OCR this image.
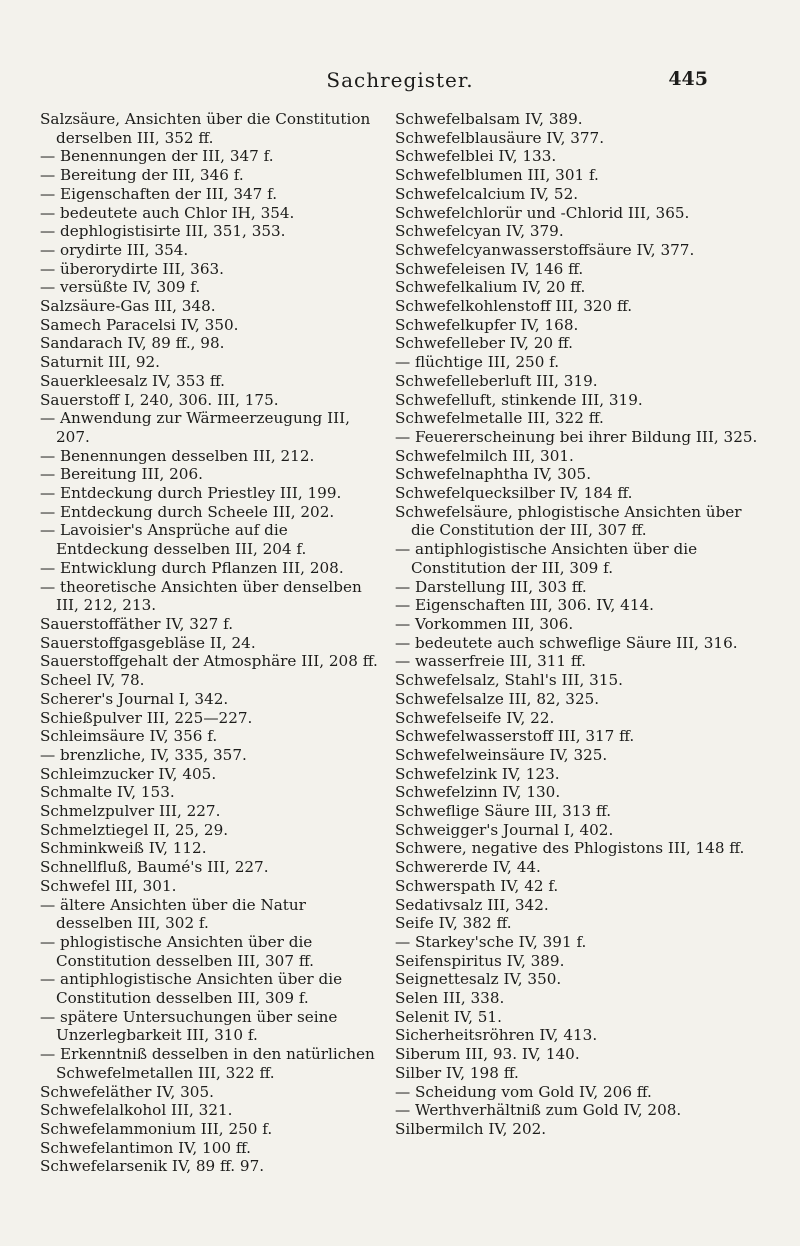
Sachregister.	445
Salzsäure, Ansichten über die Constitution derselben III, 352 ff.
— Benennungen der III, 347 f.
— Bereitung der III, 346 f.
— Eigenschaften der III, 347 f.
— bedeutete auch Chlor IH, 354.
— dephlogistisirte III, 351, 353.
— orydirte III, 354.
— überorydirte III, 363.
— versüßte IV, 309 f.
Salzsäure-Gas III, 348.
Samech Paracelsi IV, 350.
Sandarach IV, 89 ff., 98.
Saturnit III, 92.
Sauerkleesalz IV, 353 ff.
Sauerstoff I, 240, 306. III, 175.
— Anwendung zur Wärmeerzeugung III, 207.
— Benennungen desselben III, 212.
— Bereitung III, 206.
— Entdeckung durch Priestley III, 199.
— Entdeckung durch Scheele III, 202.
— Lavoisier's Ansprüche auf die Entdeckung desselben III, 204 f.
— Entwicklung durch Pflanzen III, 208.
— theoretische Ansichten über denselben III, 212, 213.
Sauerstoffäther IV, 327 f.
Sauerstoffgasgebläse II, 24.
Sauerstoffgehalt der Atmosphäre III, 208 ff.
Scheel IV, 78.
Scherer's Journal I, 342.
Schießpulver III, 225—227.
Schleimsäure IV, 356 f.
— brenzliche, IV, 335, 357.
Schleimzucker IV, 405.
Schmalte IV, 153.
Schmelzpulver III, 227.
Schmelztiegel II, 25, 29.
Schminkweiß IV, 112.
Schnellfluß, Baumé's III, 227.
Schwefel III, 301.
— ältere Ansichten über die Natur desselben III, 302 f.
— phlogistische Ansichten über die Constitution desselben III, 307 ff.
— antiphlogistische Ansichten über die Constitution desselben III, 309 f.
— spätere Untersuchungen über seine Unzerlegbarkeit III, 310 f.
— Erkenntniß desselben in den natürlichen Schwefelmetallen III, 322 ff.
Schwefeläther IV, 305.
Schwefelalkohol III, 321.
Schwefelammonium III, 250 f.
Schwefelantimon IV, 100 ff.
Schwefelarsenik IV, 89 ff. 97.
Schwefelbalsam IV, 389.
Schwefelblausäure IV, 377.
Schwefelblei IV, 133.
Schwefelblumen III, 301 f.
Schwefelcalcium IV, 52.
Schwefelchlorür und -Chlorid III, 365.
Schwefelcyan IV, 379.
Schwefelcyanwasserstoffsäure IV, 377.
Schwefeleisen IV, 146 ff.
Schwefelkalium IV, 20 ff.
Schwefelkohlenstoff III, 320 ff.
Schwefelkupfer IV, 168.
Schwefelleber IV, 20 ff.
— flüchtige III, 250 f.
Schwefelleberluft III, 319.
Schwefelluft, stinkende III, 319.
Schwefelmetalle III, 322 ff.
— Feuererscheinung bei ihrer Bildung III, 325.
Schwefelmilch III, 301.
Schwefelnaphtha IV, 305.
Schwefelquecksilber IV, 184 ff.
Schwefelsäure, phlogistische Ansichten über die Constitution der III, 307 ff.
— antiphlogistische Ansichten über die Constitution der III, 309 f.
— Darstellung III, 303 ff.
— Eigenschaften III, 306. IV, 414.
— Vorkommen III, 306.
— bedeutete auch schweflige Säure III, 316.
— wasserfreie III, 311 ff.
Schwefelsalz, Stahl's III, 315.
Schwefelsalze III, 82, 325.
Schwefelseife IV, 22.
Schwefelwasserstoff III, 317 ff.
Schwefelweinsäure IV, 325.
Schwefelzink IV, 123.
Schwefelzinn IV, 130.
Schweflige Säure III, 313 ff.
Schweigger's Journal I, 402.
Schwere, negative des Phlogistons III, 148 ff.
Schwererde IV, 44.
Schwerspath IV, 42 f.
Sedativsalz III, 342.
Seife IV, 382 ff.
— Starkey'sche IV, 391 f.
Seifenspiritus IV, 389.
Seignettesalz IV, 350.
Selen III, 338.
Selenit IV, 51.
Sicherheitsröhren IV, 413.
Siberum III, 93. IV, 140.
Silber IV, 198 ff.
— Scheidung vom Gold IV, 206 ff.
— Werthverhältniß zum Gold IV, 208.
Silbermilch IV, 202.
